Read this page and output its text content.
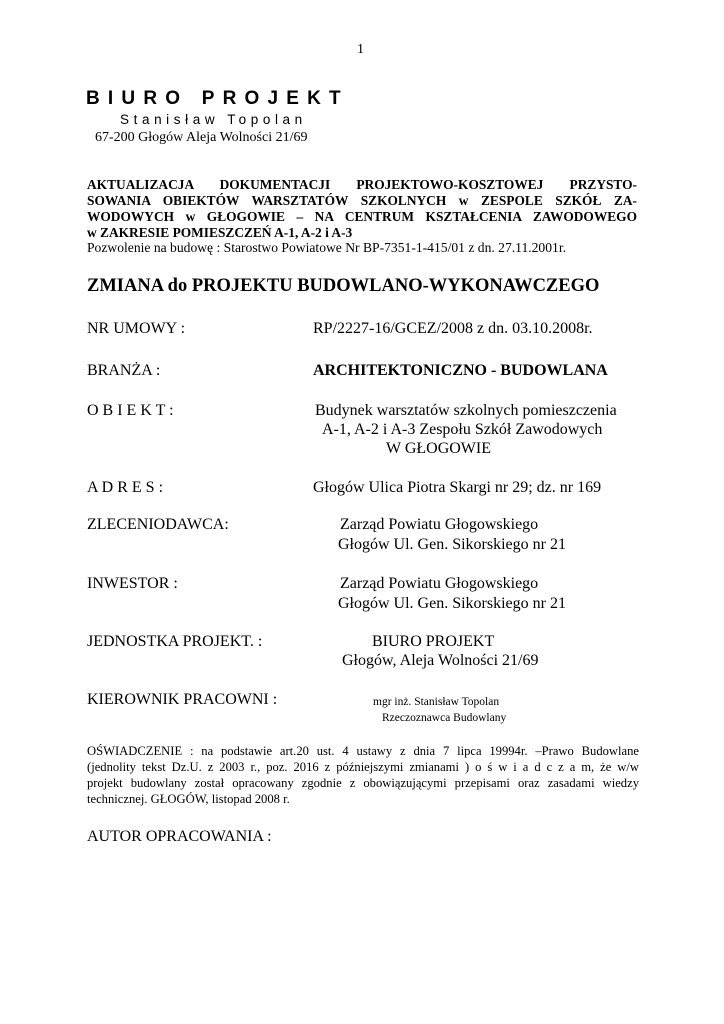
1
BIURO PROJEKT
Stanisław Topolan
67-200 Głogów Aleja Wolności 21/69
AKTUALIZACJA DOKUMENTACJI PROJEKTOWO-KOSZTOWEJ PRZYSTO-
SOWANIA OBIEKTÓW WARSZTATÓW SZKOLNYCH w ZESPOLE SZKÓŁ ZA-
WODOWYCH w GŁOGOWIE – NA CENTRUM KSZTAŁCENIA ZAWODOWEGO
w ZAKRESIE POMIESZCZEŃ A-1, A-2 i A-3
Pozwolenie na budowę : Starostwo Powiatowe Nr BP-7351-1-415/01 z dn. 27.11.2001r.
ZMIANA do PROJEKTU BUDOWLANO-WYKONAWCZEGO
NR UMOWY :	RP/2227-16/GCEZ/2008 z dn. 03.10.2008r.
BRANŻA :	ARCHITEKTONICZNO - BUDOWLANA
O B I E K T :	Budynek warsztatów szkolnych pomieszczenia
A-1, A-2 i A-3 Zespołu Szkół Zawodowych
W GŁOGOWIE
A D R E S :	Głogów Ulica Piotra Skargi nr 29; dz. nr 169
ZLECENIODAWCA:	Zarząd Powiatu Głogowskiego
Głogów Ul. Gen. Sikorskiego nr 21
INWESTOR :	Zarząd Powiatu Głogowskiego
Głogów Ul. Gen. Sikorskiego nr 21
JEDNOSTKA PROJEKT. :	BIURO PROJEKT
Głogów, Aleja Wolności 21/69
KIEROWNIK PRACOWNI :	mgr inż. Stanisław Topolan
Rzeczoznawca Budowlany
OŚWIADCZENIE : na podstawie art.20 ust. 4 ustawy z dnia 7 lipca 19994r. –Prawo Budowlane
(jednolity tekst Dz.U. z 2003 r., poz. 2016 z późniejszymi zmianami ) o ś w i a d c z a m, że w/w
projekt budowlany został opracowany zgodnie z obowiązującymi przepisami oraz zasadami wiedzy
technicznej. GŁOGÓW, listopad 2008 r.
AUTOR OPRACOWANIA :
